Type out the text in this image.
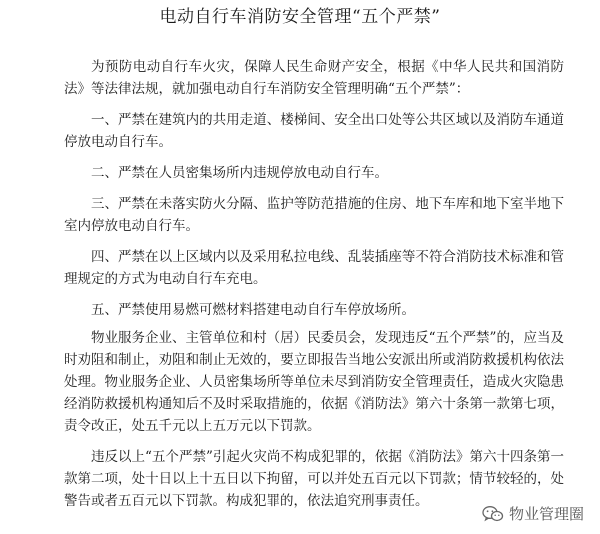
电动自行车消防安全管理“五个严禁”

为预防电动自行车火灾，保障人民生命财产安全，根据《中华人民共和国消防法》等法律法规，就加强电动自行车消防安全管理明确“五个严禁”：

一、严禁在建筑内的共用走道、楼梯间、安全出口处等公共区域以及消防车通道停放电动自行车。

二、严禁在人员密集场所内违规停放电动自行车。

三、严禁在未落实防火分隔、监护等防范措施的住房、地下车库和地下室半地下室内停放电动自行车。

四、严禁在以上区域内以及采用私拉电线、乱装插座等不符合消防技术标准和管理规定的方式为电动自行车充电。

五、严禁使用易燃可燃材料搭建电动自行车停放场所。

物业服务企业、主管单位和村（居）民委员会，发现违反“五个严禁”的，应当及时劝阻和制止，劝阻和制止无效的，要立即报告当地公安派出所或消防救援机构依法处理。物业服务企业、人员密集场所等单位未尽到消防安全管理责任，造成火灾隐患经消防救援机构通知后不及时采取措施的，依据《消防法》第六十条第一款第七项，责令改正，处五千元以上五万元以下罚款。

违反以上“五个严禁”引起火灾尚不构成犯罪的，依据《消防法》第六十四条第一款第二项，处十日以上十五日以下拘留，可以并处五百元以下罚款；情节较轻的，处警告或者五百元以下罚款。构成犯罪的，依法追究刑事责任。

物业管理圈
